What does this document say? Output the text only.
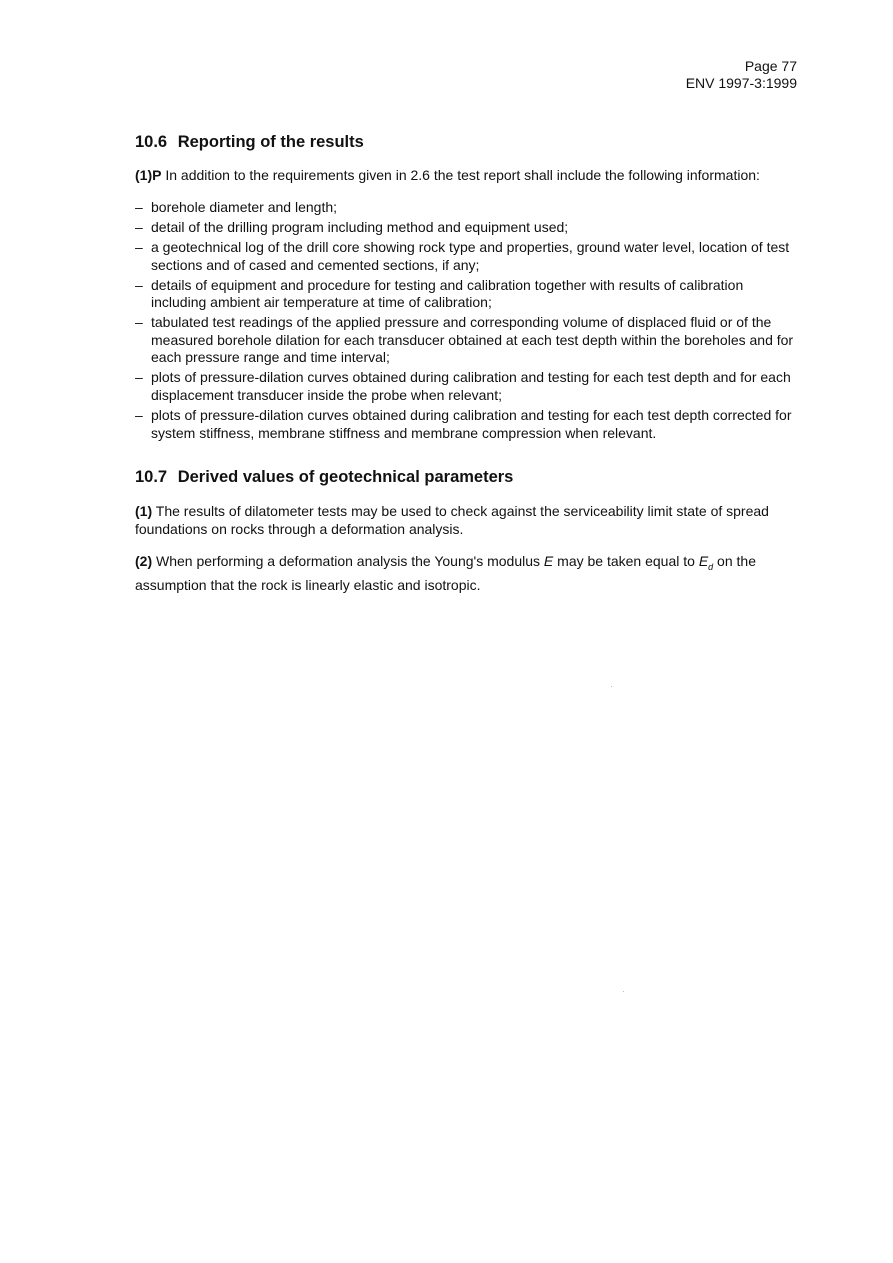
Page 77
ENV 1997-3:1999
10.6 Reporting of the results

(1)P In addition to the requirements given in 2.6 the test report shall include the following information:

– borehole diameter and length;
– detail of the drilling program including method and equipment used;
– a geotechnical log of the drill core showing rock type and properties, ground water level, location of test sections and of cased and cemented sections, if any;
– details of equipment and procedure for testing and calibration together with results of calibration including ambient air temperature at time of calibration;
– tabulated test readings of the applied pressure and corresponding volume of displaced fluid or of the measured borehole dilation for each transducer obtained at each test depth within the boreholes and for each pressure range and time interval;
– plots of pressure-dilation curves obtained during calibration and testing for each test depth and for each displacement transducer inside the probe when relevant;
– plots of pressure-dilation curves obtained during calibration and testing for each test depth corrected for system stiffness, membrane stiffness and membrane compression when relevant.
10.7 Derived values of geotechnical parameters

(1) The results of dilatometer tests may be used to check against the serviceability limit state of spread foundations on rocks through a deformation analysis.

(2) When performing a deformation analysis the Young's modulus E may be taken equal to $E_d$ on the assumption that the rock is linearly elastic and isotropic.
